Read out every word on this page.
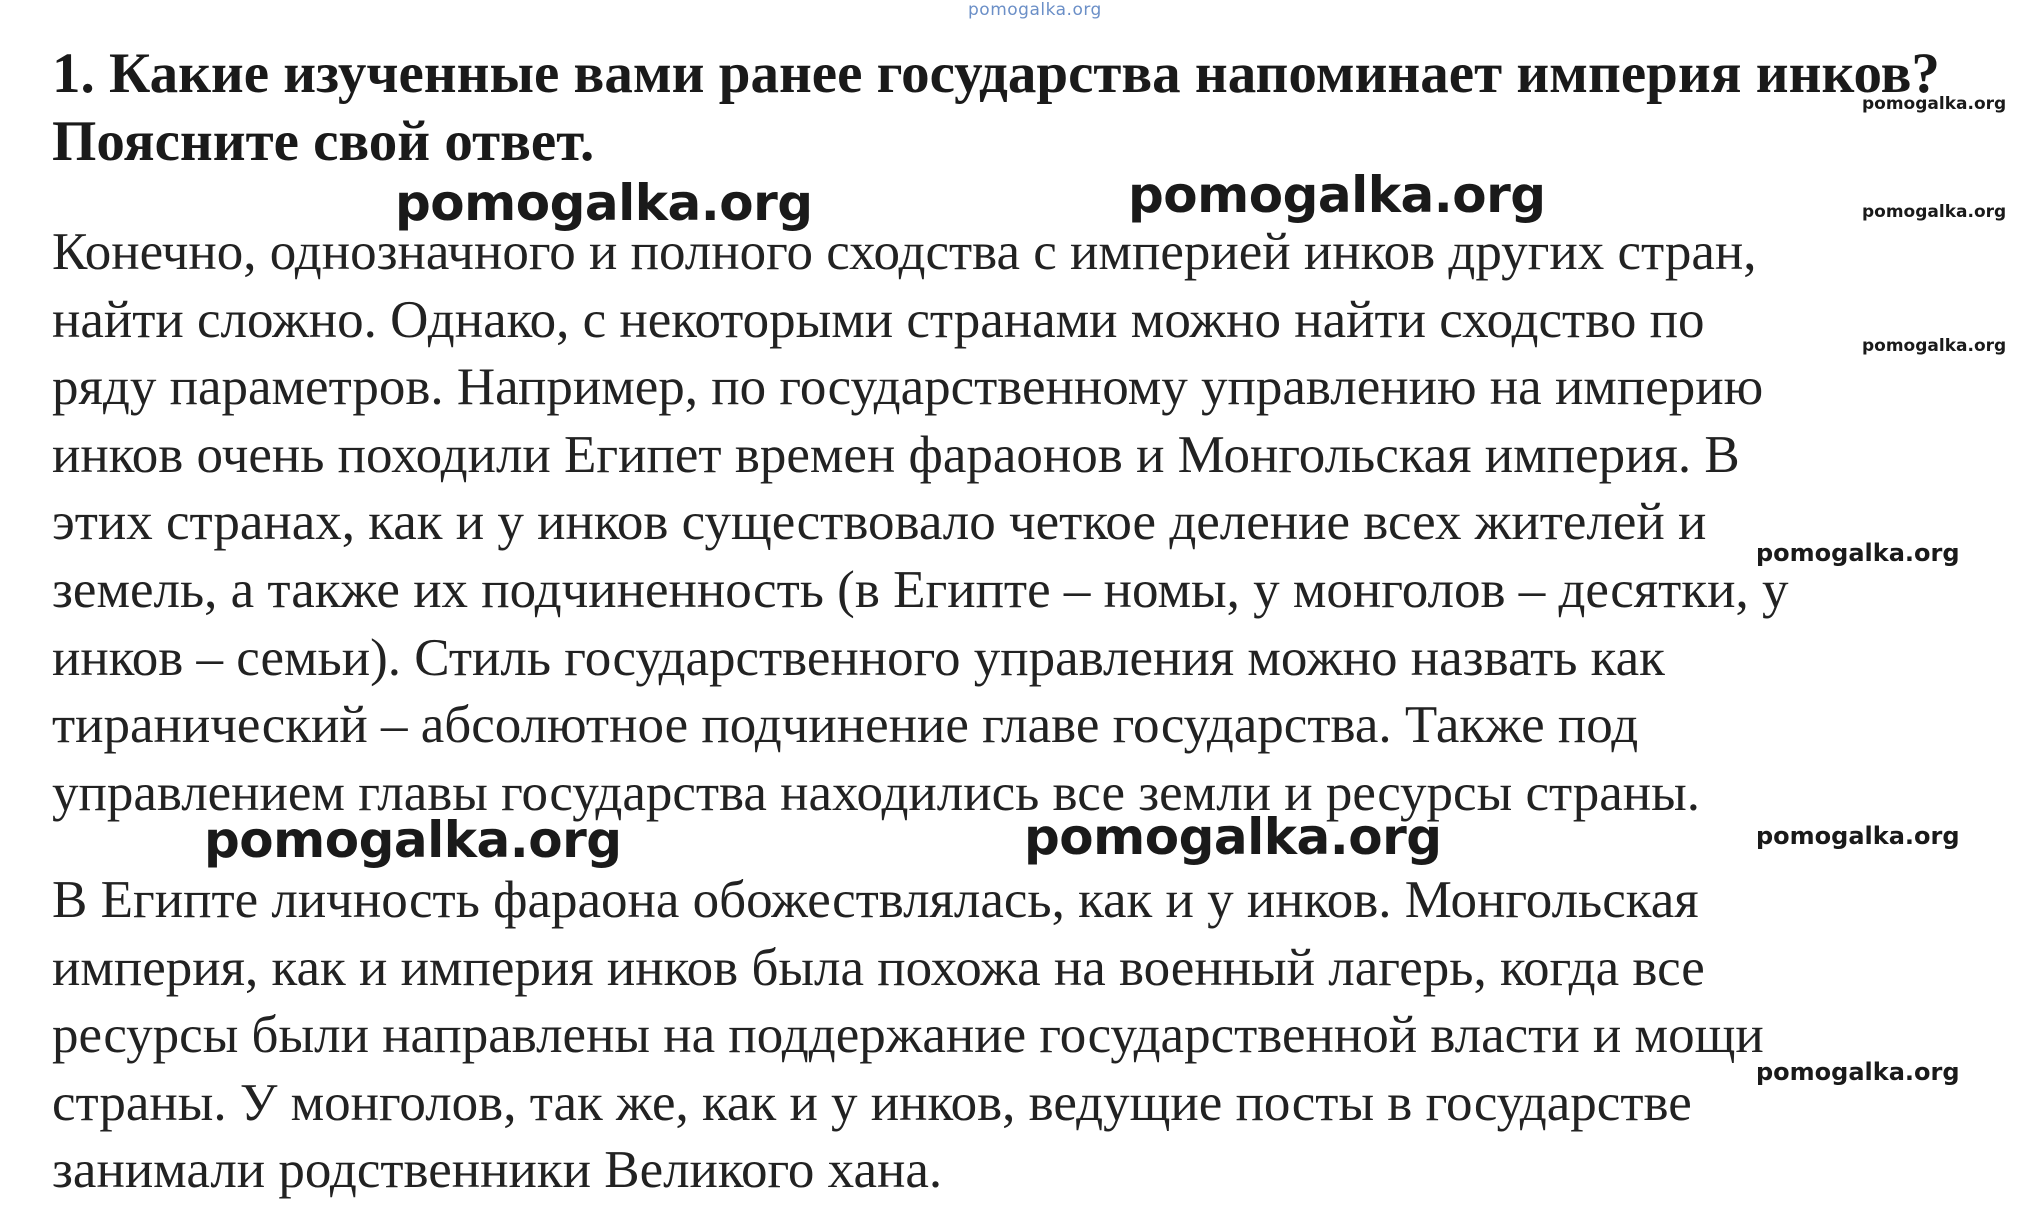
pomogalka.org

1. Какие изученные вами ранее государства напоминает империя инков?
Поясните свой ответ.

Конечно, однозначного и полного сходства с империей инков других стран,
найти сложно. Однако, с некоторыми странами можно найти сходство по
ряду параметров. Например, по государственному управлению на империю
инков очень походили Египет времен фараонов и Монгольская империя. В
этих странах, как и у инков существовало четкое деление всех жителей и
земель, а также их подчиненность (в Египте – номы, у монголов – десятки, у
инков – семьи). Стиль государственного управления можно назвать как
тиранический – абсолютное подчинение главе государства. Также под
управлением главы государства находились все земли и ресурсы страны.

В Египте личность фараона обожествлялась, как и у инков. Монгольская
империя, как и империя инков была похожа на военный лагерь, когда все
ресурсы были направлены на поддержание государственной власти и мощи
страны. У монголов, так же, как и у инков, ведущие посты в государстве
занимали родственники Великого хана.

pomogalka.org	pomogalka.org
pomogalka.org	pomogalka.org
pomogalka.org
pomogalka.org
pomogalka.org
pomogalka.org
pomogalka.org
pomogalka.org
